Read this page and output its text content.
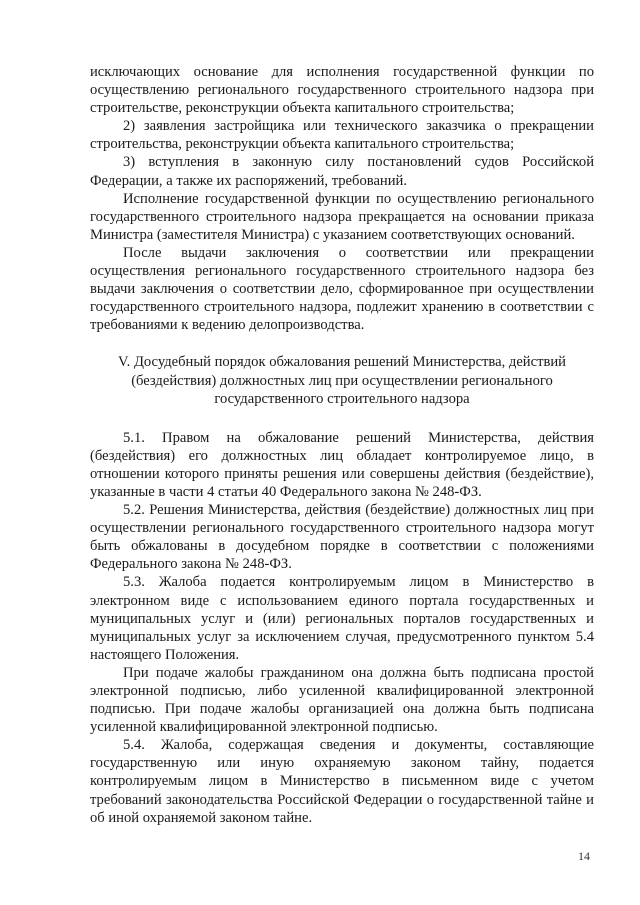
исключающих основание для исполнения государственной функции по осуществлению регионального государственного строительного надзора при строительстве, реконструкции объекта капитального строительства;

2) заявления застройщика или технического заказчика о прекращении строительства, реконструкции объекта капитального строительства;

3) вступления в законную силу постановлений судов Российской Федерации, а также их распоряжений, требований.

Исполнение государственной функции по осуществлению регионального государственного строительного надзора прекращается на основании приказа Министра (заместителя Министра) с указанием соответствующих оснований.

После выдачи заключения о соответствии или прекращении осуществления регионального государственного строительного надзора без выдачи заключения о соответствии дело, сформированное при осуществлении государственного строительного надзора, подлежит хранению в соответствии с требованиями к ведению делопроизводства.

V. Досудебный порядок обжалования решений Министерства, действий (бездействия) должностных лиц при осуществлении регионального государственного строительного надзора

5.1. Правом на обжалование решений Министерства, действия (бездействия) его должностных лиц обладает контролируемое лицо, в отношении которого приняты решения или совершены действия (бездействие), указанные в части 4 статьи 40 Федерального закона № 248-ФЗ.

5.2. Решения Министерства, действия (бездействие) должностных лиц при осуществлении регионального государственного строительного надзора могут быть обжалованы в досудебном порядке в соответствии с положениями Федерального закона № 248-ФЗ.

5.3. Жалоба подается контролируемым лицом в Министерство в электронном виде с использованием единого портала государственных и муниципальных услуг и (или) региональных порталов государственных и муниципальных услуг за исключением случая, предусмотренного пунктом 5.4 настоящего Положения.

При подаче жалобы гражданином она должна быть подписана простой электронной подписью, либо усиленной квалифицированной электронной подписью. При подаче жалобы организацией она должна быть подписана усиленной квалифицированной электронной подписью.

5.4. Жалоба, содержащая сведения и документы, составляющие государственную или иную охраняемую законом тайну, подается контролируемым лицом в Министерство в письменном виде с учетом требований законодательства Российской Федерации о государственной тайне и об иной охраняемой законом тайне.

14
